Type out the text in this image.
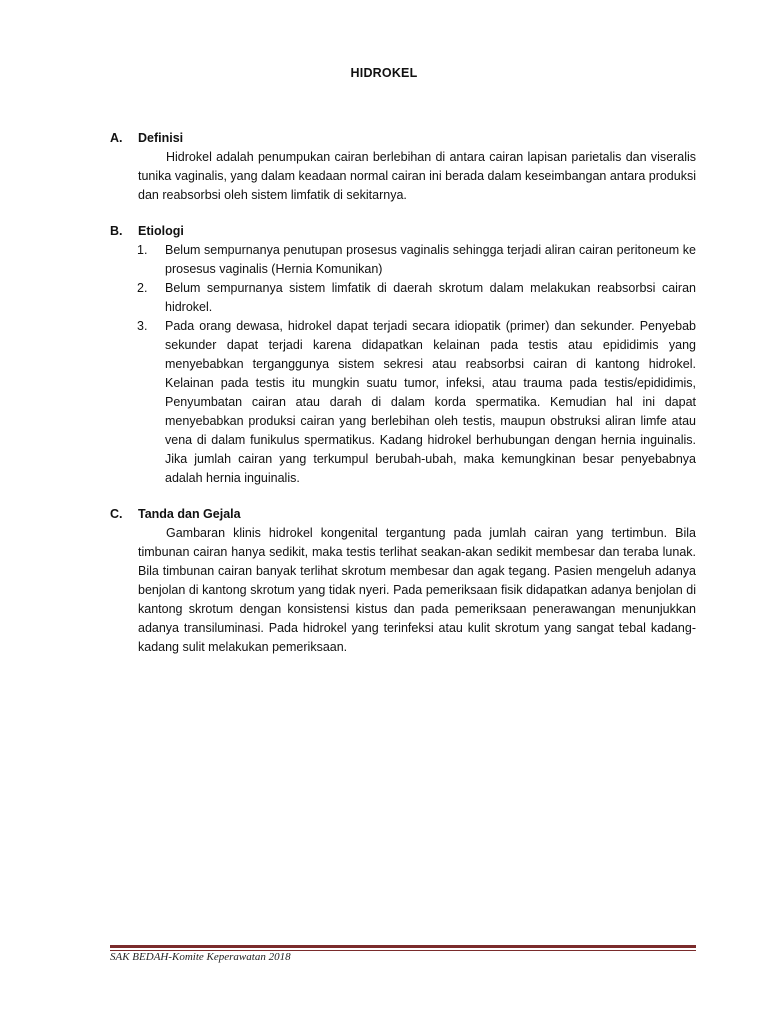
HIDROKEL
A.	Definisi
Hidrokel adalah penumpukan cairan berlebihan di antara cairan lapisan parietalis dan viseralis tunika vaginalis, yang dalam keadaan normal cairan ini berada dalam keseimbangan antara produksi dan reabsorbsi oleh sistem limfatik di sekitarnya.
B.	Etiologi
1.	Belum sempurnanya penutupan prosesus vaginalis sehingga terjadi aliran cairan peritoneum ke prosesus vaginalis (Hernia Komunikan)
2.	Belum sempurnanya sistem limfatik di daerah skrotum dalam melakukan reabsorbsi cairan hidrokel.
3.	Pada orang dewasa, hidrokel dapat terjadi secara idiopatik (primer) dan sekunder. Penyebab sekunder dapat terjadi karena didapatkan kelainan pada testis atau epididimis yang menyebabkan terganggunya sistem sekresi atau reabsorbsi cairan di kantong hidrokel. Kelainan pada testis itu mungkin suatu tumor, infeksi, atau trauma pada testis/epididimis, Penyumbatan cairan atau darah di dalam korda spermatika. Kemudian hal ini dapat menyebabkan produksi cairan yang berlebihan oleh testis, maupun obstruksi aliran limfe atau vena di dalam funikulus spermatikus. Kadang hidrokel berhubungan dengan hernia inguinalis. Jika jumlah cairan yang terkumpul berubah-ubah, maka kemungkinan besar penyebabnya adalah hernia inguinalis.
C.	Tanda dan Gejala
Gambaran klinis hidrokel kongenital tergantung pada jumlah cairan yang tertimbun. Bila timbunan cairan hanya sedikit, maka testis terlihat seakan-akan sedikit membesar dan teraba lunak. Bila timbunan cairan banyak terlihat skrotum membesar dan agak tegang. Pasien mengeluh adanya benjolan di kantong skrotum yang tidak nyeri. Pada pemeriksaan fisik didapatkan adanya benjolan di kantong skrotum dengan konsistensi kistus dan pada pemeriksaan penerawangan menunjukkan adanya transiluminasi. Pada hidrokel yang terinfeksi atau kulit skrotum yang sangat tebal kadang-kadang sulit melakukan pemeriksaan.
SAK BEDAH-Komite Keperawatan 2018
